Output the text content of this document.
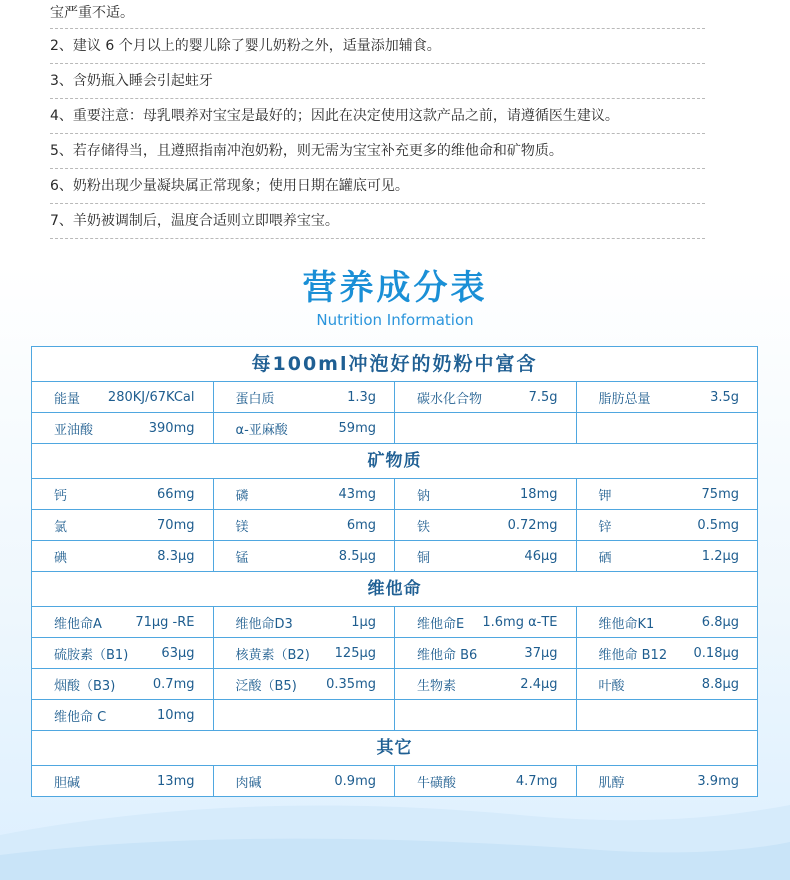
宝严重不适。
2、建议 6 个月以上的婴儿除了婴儿奶粉之外，适量添加辅食。
3、含奶瓶入睡会引起蛀牙
4、重要注意：母乳喂养对宝宝是最好的；因此在决定使用这款产品之前，请遵循医生建议。
5、若存储得当，且遵照指南冲泡奶粉，则无需为宝宝补充更多的维他命和矿物质。
6、奶粉出现少量凝块属正常现象；使用日期在罐底可见。
7、羊奶被调制后，温度合适则立即喂养宝宝。
营养成分表
Nutrition Information
每100ml冲泡好的奶粉中富含
能量 280KJ/67KCal	蛋白质	1.3g	碳水化合物	7.5g	脂肪总量	3.5g
亚油酸	390mg	α-亚麻酸	59mg
矿物质
钙	66mg	磷	43mg	钠	18mg	钾	75mg
氯	70mg	镁	6mg	铁	0.72mg	锌	0.5mg
碘	8.3μg	锰	8.5μg	铜	46μg	硒	1.2μg
维他命
维他命A	71μg -RE	维他命D3	1μg	维他命E 1.6mg α-TE	维他命K1	6.8μg
硫胺素（B1)	63μg	核黄素（B2) 125μg	维他命 B6	37μg	维他命 B12 0.18μg
烟酸（B3)	0.7mg	泛酸（B5) 0.35mg	生物素	2.4μg	叶酸	8.8μg
维他命 C	10mg
其它
胆碱	13mg	肉碱	0.9mg	牛磺酸	4.7mg	肌醇	3.9mg
